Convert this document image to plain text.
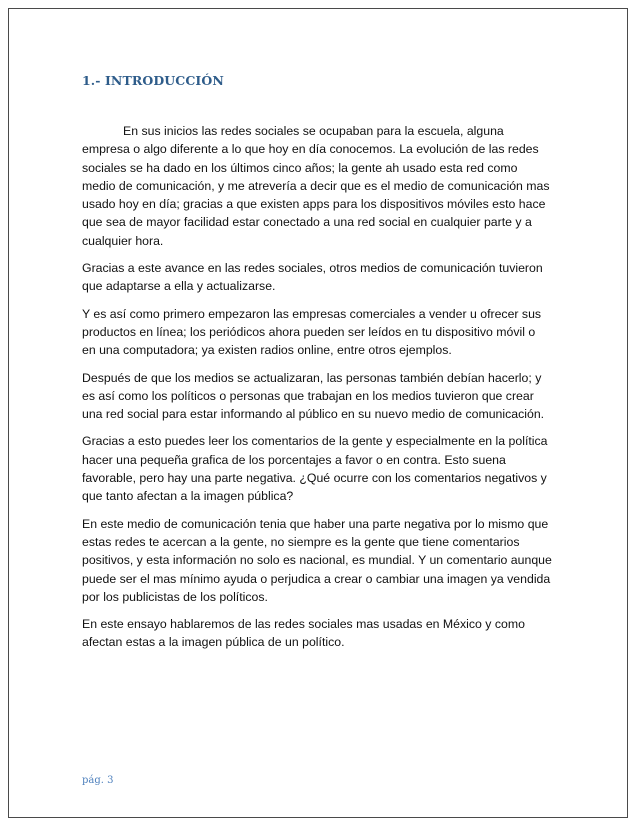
1.- INTRODUCCIÓN

En sus inicios las redes sociales se ocupaban para la escuela, alguna empresa o algo diferente a lo que hoy en día conocemos. La evolución de las redes sociales se ha dado en los últimos cinco años; la gente ah usado esta red como medio de comunicación, y me atrevería a decir que es el medio de comunicación mas usado hoy en día; gracias a que existen apps para los dispositivos móviles esto hace que sea de mayor facilidad estar conectado a una red social en cualquier parte y a cualquier hora.

Gracias a este avance en las redes sociales, otros medios de comunicación tuvieron que adaptarse a ella y actualizarse.

Y es así como primero empezaron las empresas comerciales a vender u ofrecer sus productos en línea; los periódicos ahora pueden ser leídos en tu dispositivo móvil o en una computadora; ya existen radios online, entre otros ejemplos.

Después de que los medios se actualizaran, las personas también debían hacerlo; y es así como los políticos o personas que trabajan en los medios tuvieron que crear una red social para estar informando al público en su nuevo medio de comunicación.

Gracias a esto puedes leer los comentarios de la gente y especialmente en la política hacer una pequeña grafica de los porcentajes a favor o en contra. Esto suena favorable, pero hay una parte negativa. ¿Qué ocurre con los comentarios negativos y que tanto afectan a la imagen pública?

En este medio de comunicación tenia que haber una parte negativa por lo mismo que estas redes te acercan a la gente, no siempre es la gente que tiene comentarios positivos, y esta información no solo es nacional, es mundial. Y un comentario aunque puede ser el mas mínimo ayuda o perjudica a crear o cambiar una imagen ya vendida por los publicistas de los políticos.

En este ensayo hablaremos de las redes sociales mas usadas en México y como afectan estas a la imagen pública de un político.

pág. 3
